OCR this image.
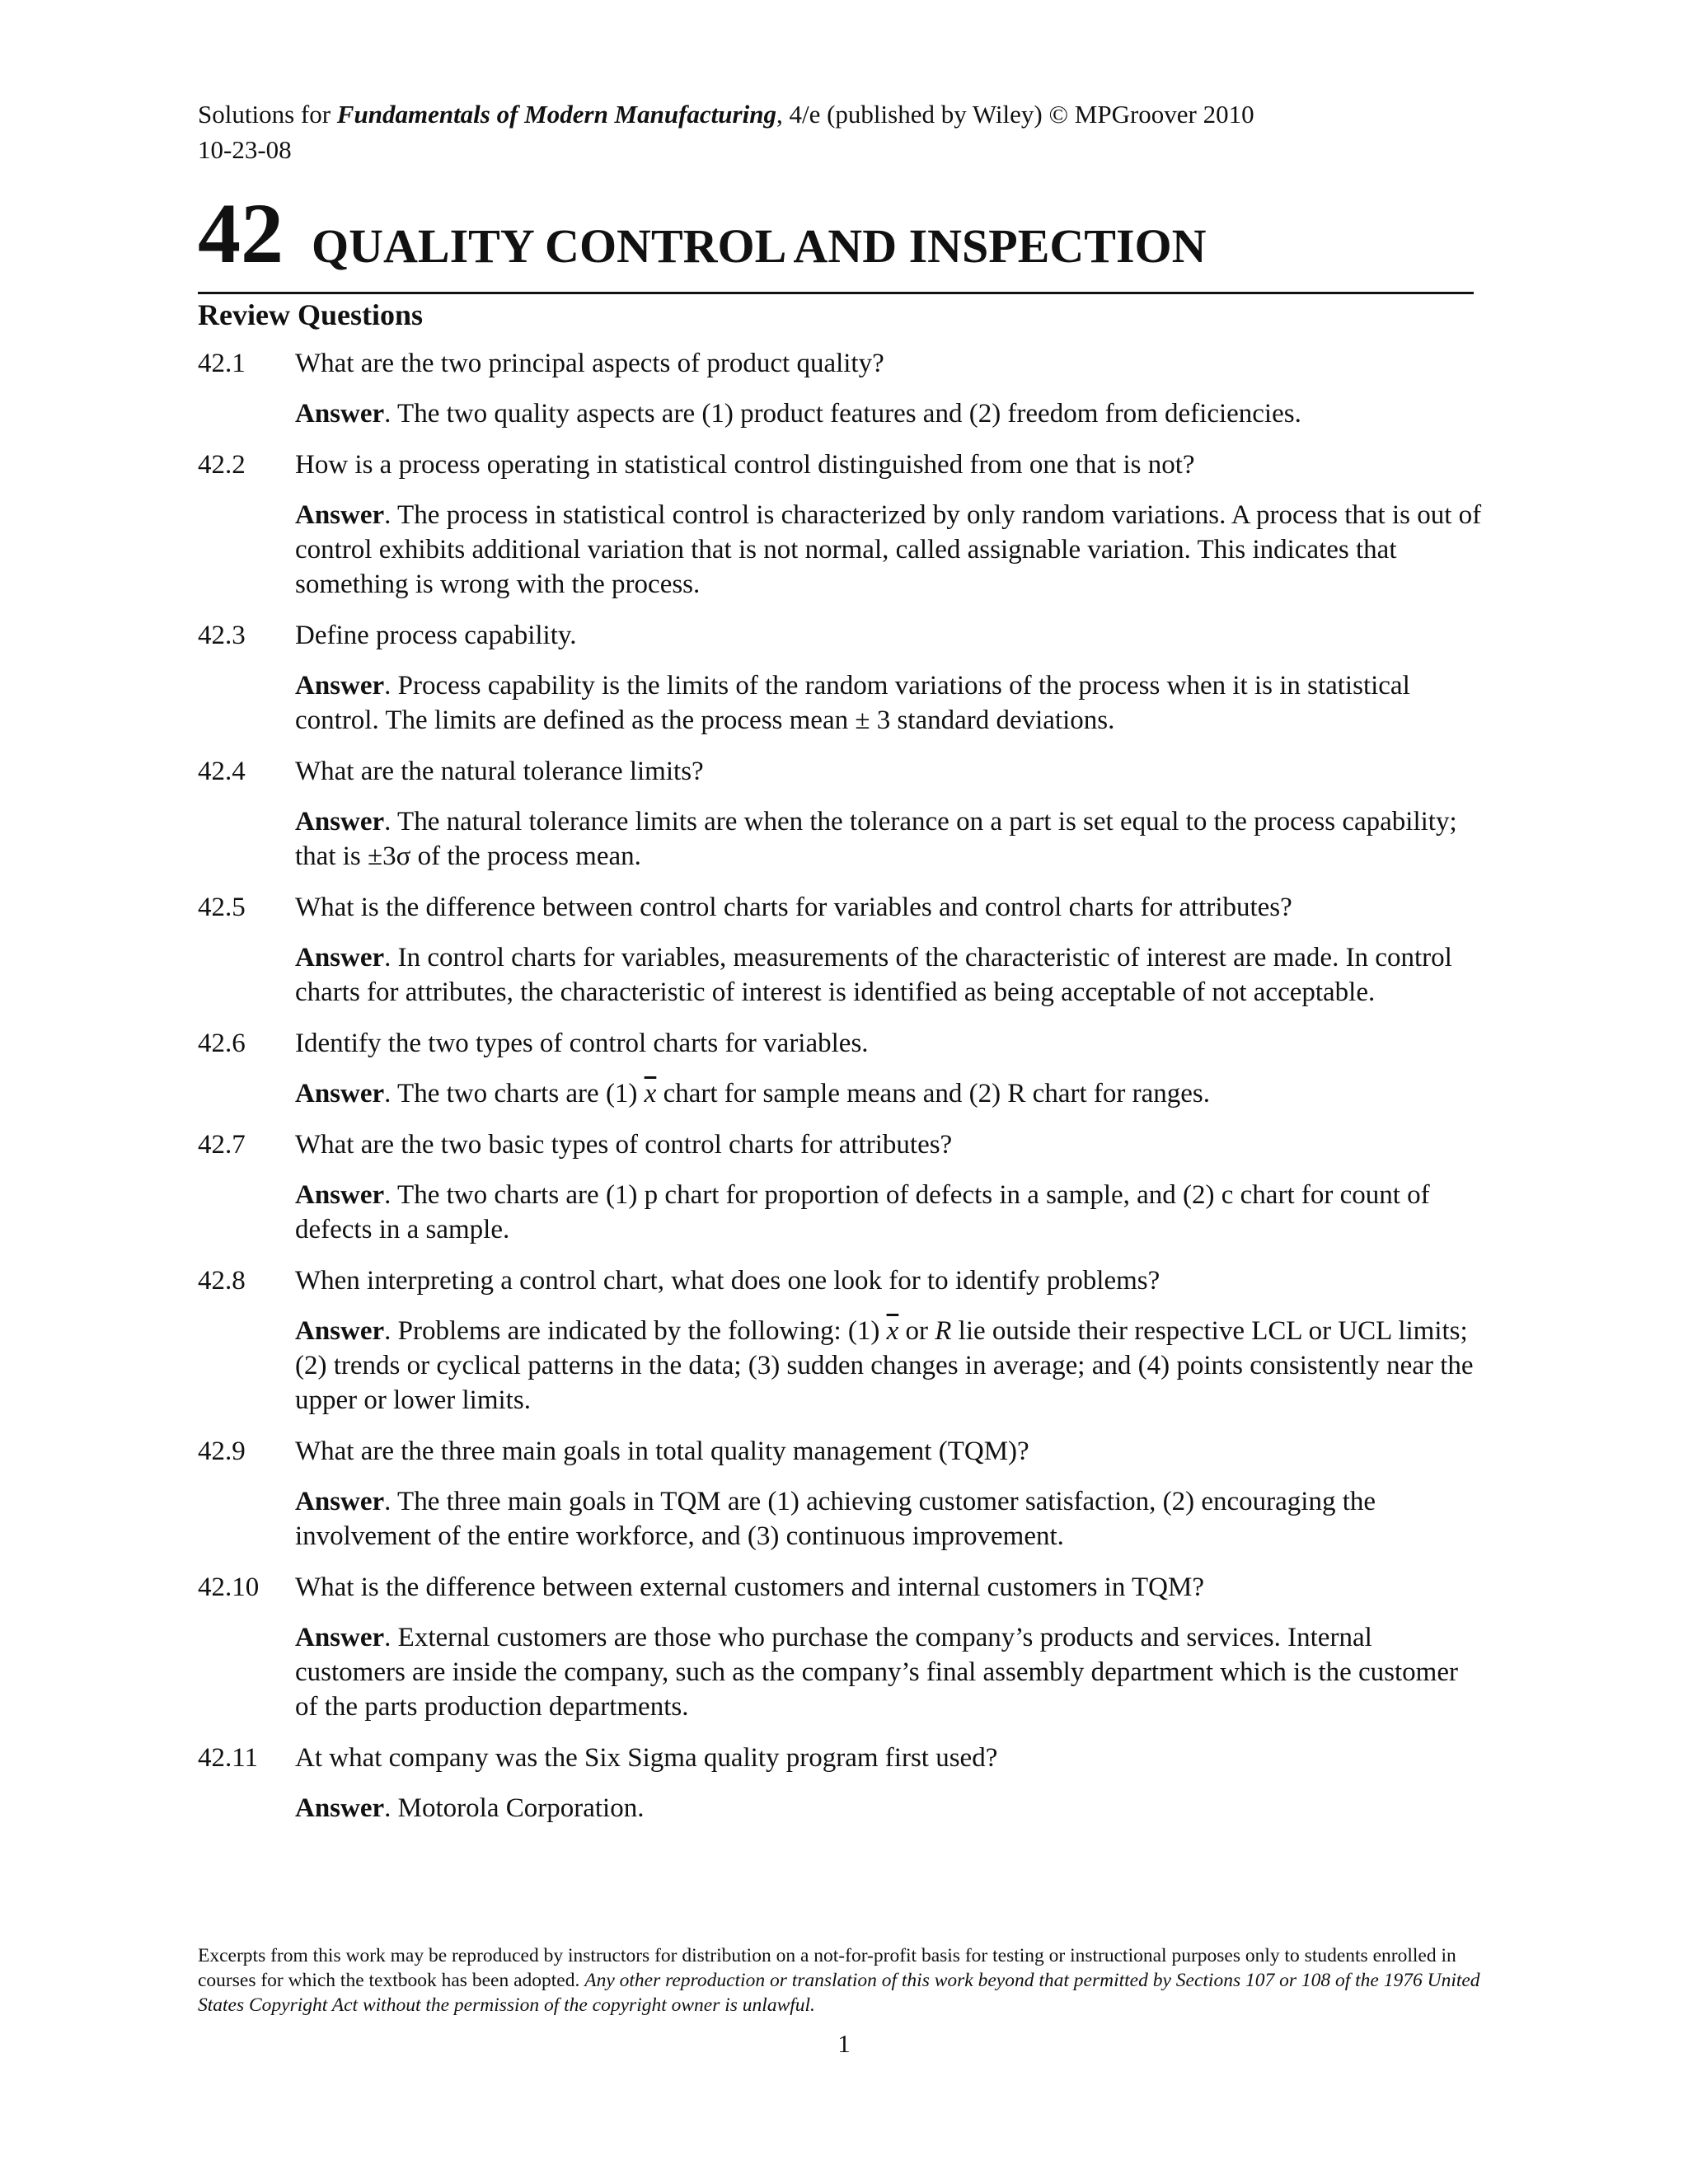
Solutions for Fundamentals of Modern Manufacturing, 4/e (published by Wiley) © MPGroover 2010
10-23-08
42 QUALITY CONTROL AND INSPECTION
Review Questions
42.1	What are the two principal aspects of product quality?
Answer. The two quality aspects are (1) product features and (2) freedom from deficiencies.
42.2	How is a process operating in statistical control distinguished from one that is not?
Answer. The process in statistical control is characterized by only random variations. A process that is out of control exhibits additional variation that is not normal, called assignable variation. This indicates that something is wrong with the process.
42.3	Define process capability.
Answer. Process capability is the limits of the random variations of the process when it is in statistical control. The limits are defined as the process mean ± 3 standard deviations.
42.4	What are the natural tolerance limits?
Answer. The natural tolerance limits are when the tolerance on a part is set equal to the process capability; that is ±3σ of the process mean.
42.5	What is the difference between control charts for variables and control charts for attributes?
Answer. In control charts for variables, measurements of the characteristic of interest are made. In control charts for attributes, the characteristic of interest is identified as being acceptable of not acceptable.
42.6	Identify the two types of control charts for variables.
Answer. The two charts are (1) $\overline{x}$ chart for sample means and (2) R chart for ranges.
42.7	What are the two basic types of control charts for attributes?
Answer. The two charts are (1) p chart for proportion of defects in a sample, and (2) c chart for count of defects in a sample.
42.8	When interpreting a control chart, what does one look for to identify problems?
Answer. Problems are indicated by the following: (1) $\overline{x}$ or R lie outside their respective LCL or UCL limits; (2) trends or cyclical patterns in the data; (3) sudden changes in average; and (4) points consistently near the upper or lower limits.
42.9	What are the three main goals in total quality management (TQM)?
Answer. The three main goals in TQM are (1) achieving customer satisfaction, (2) encouraging the involvement of the entire workforce, and (3) continuous improvement.
42.10	What is the difference between external customers and internal customers in TQM?
Answer. External customers are those who purchase the company’s products and services. Internal customers are inside the company, such as the company’s final assembly department which is the customer of the parts production departments.
42.11	At what company was the Six Sigma quality program first used?
Answer. Motorola Corporation.
Excerpts from this work may be reproduced by instructors for distribution on a not-for-profit basis for testing or instructional purposes only to students enrolled in courses for which the textbook has been adopted. Any other reproduction or translation of this work beyond that permitted by Sections 107 or 108 of the 1976 United States Copyright Act without the permission of the copyright owner is unlawful.
1
